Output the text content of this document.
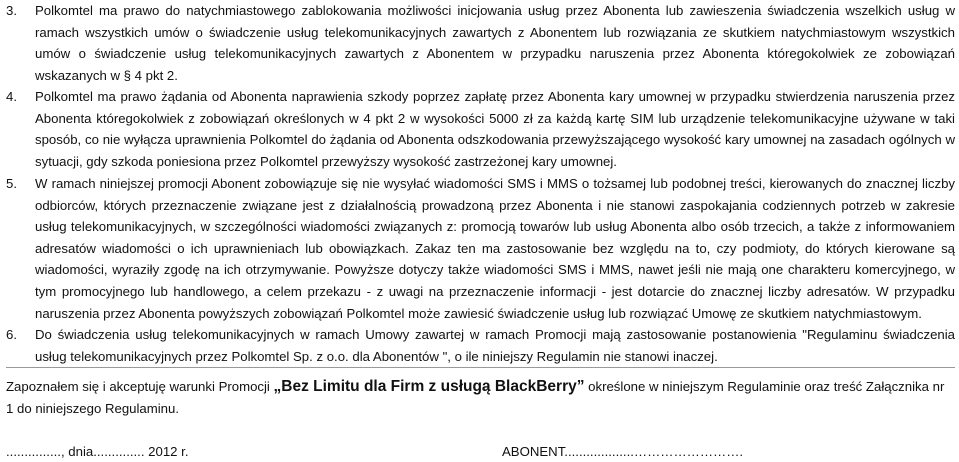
3.	Polkomtel ma prawo do natychmiastowego zablokowania możliwości inicjowania usług przez Abonenta lub zawieszenia świadczenia wszelkich usług w ramach wszystkich umów o świadczenie usług telekomunikacyjnych zawartych z Abonentem lub rozwiązania ze skutkiem natychmiastowym wszystkich umów o świadczenie usług telekomunikacyjnych zawartych z Abonentem w przypadku naruszenia przez Abonenta któregokolwiek ze zobowiązań wskazanych w § 4 pkt 2.
4.	Polkomtel ma prawo żądania od Abonenta naprawienia szkody poprzez zapłatę przez Abonenta kary umownej w przypadku stwierdzenia naruszenia przez Abonenta któregokolwiek z zobowiązań określonych w 4 pkt 2 w wysokości 5000 zł za każdą kartę SIM lub urządzenie telekomunikacyjne używane w taki sposób, co nie wyłącza uprawnienia Polkomtel do żądania od Abonenta odszkodowania przewyższającego wysokość kary umownej na zasadach ogólnych w sytuacji, gdy szkoda poniesiona przez Polkomtel przewyższy wysokość zastrzeżonej kary umownej.
5.	W ramach niniejszej promocji Abonent zobowiązuje się nie wysyłać wiadomości SMS i MMS o tożsamej lub podobnej treści, kierowanych do znacznej liczby odbiorców, których przeznaczenie związane jest z działalnością prowadzoną przez Abonenta i nie stanowi zaspokajania codziennych potrzeb w zakresie usług telekomunikacyjnych, w szczególności wiadomości związanych z: promocją towarów lub usług Abonenta albo osób trzecich, a także z informowaniem adresatów wiadomości o ich uprawnieniach lub obowiązkach. Zakaz ten ma zastosowanie bez względu na to, czy podmioty, do których kierowane są wiadomości, wyraziły zgodę na ich otrzymywanie. Powyższe dotyczy także wiadomości SMS i MMS, nawet jeśli nie mają one charakteru komercyjnego, w tym promocyjnego lub handlowego, a celem przekazu - z uwagi na przeznaczenie informacji - jest dotarcie do znacznej liczby adresatów. W przypadku naruszenia przez Abonenta powyższych zobowiązań Polkomtel może zawiesić świadczenie usług lub rozwiązać Umowę ze skutkiem natychmiastowym.
6.	Do świadczenia usług telekomunikacyjnych w ramach Umowy zawartej w ramach Promocji mają zastosowanie postanowienia "Regulaminu świadczenia usług telekomunikacyjnych przez Polkomtel Sp. z o.o. dla Abonentów ", o ile niniejszy Regulamin nie stanowi inaczej.
Zapoznałem się i akceptuję warunki Promocji „Bez Limitu dla Firm z usługą BlackBerry” określone w niniejszym Regulaminie oraz treść Załącznika nr 1 do niniejszego Regulaminu.
..............., dnia.............. 2012 r.	ABONENT...................…………………….
